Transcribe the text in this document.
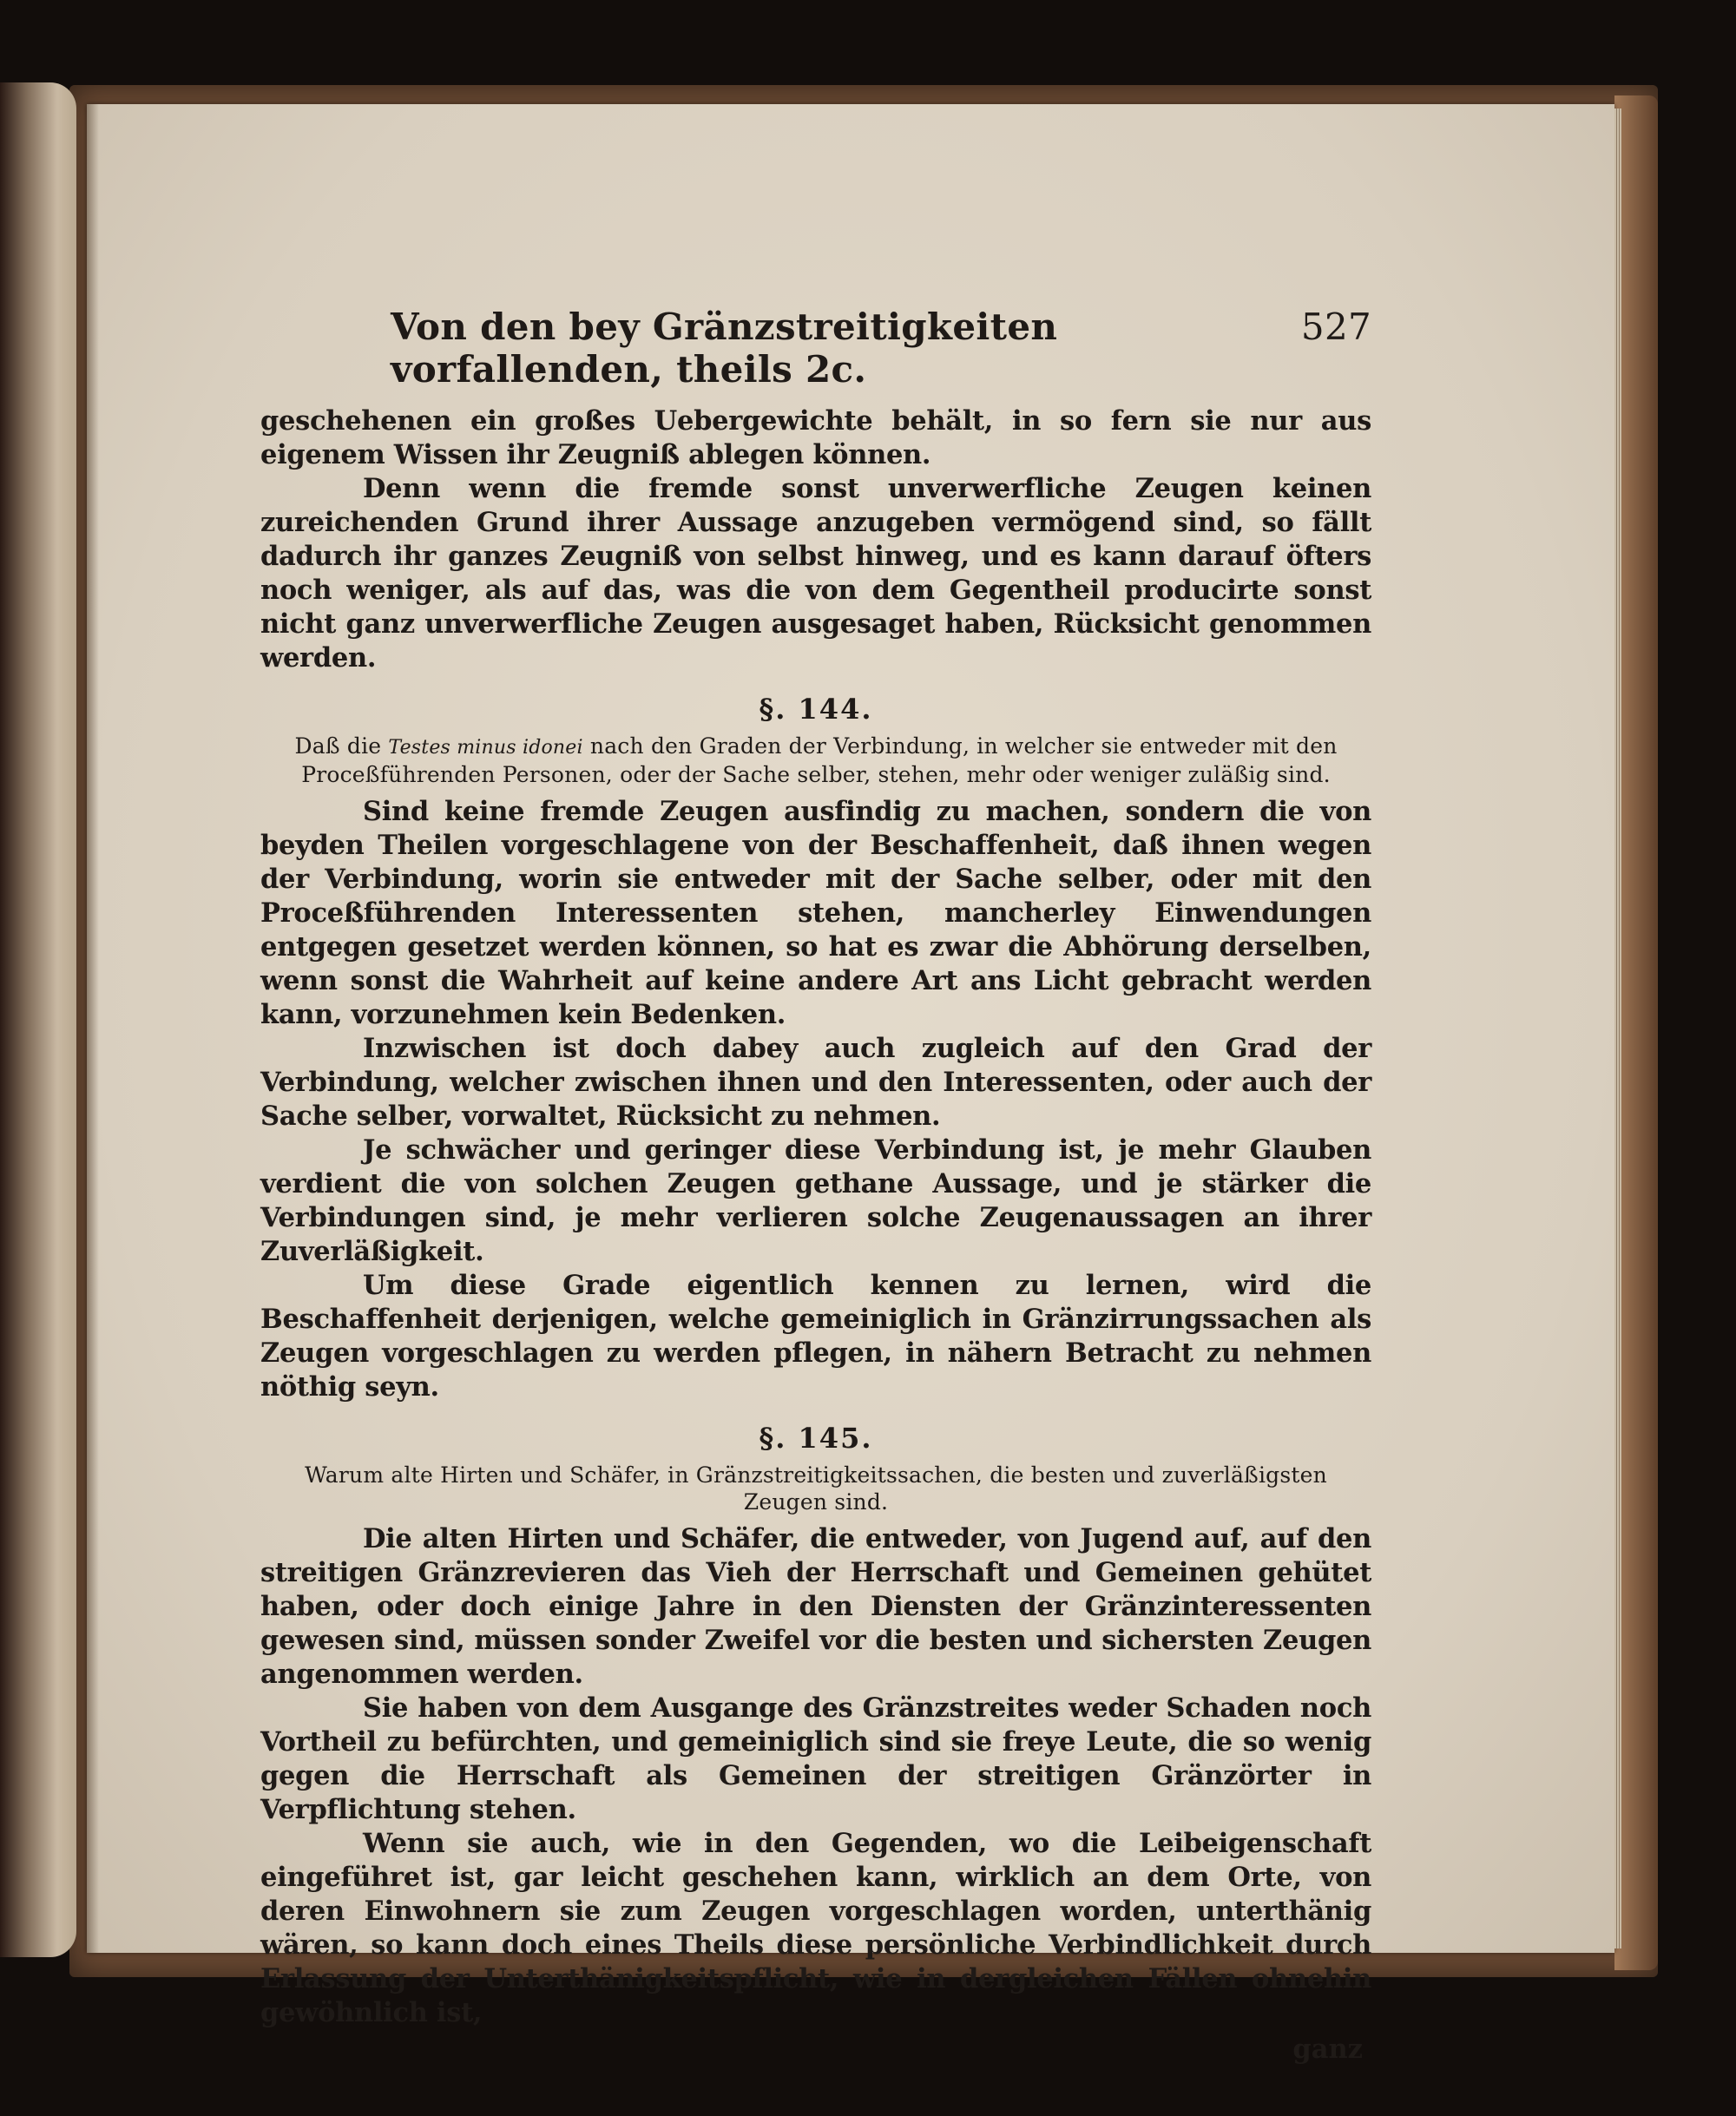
Von den bey Gränzstreitigkeiten vorfallenden, theils 2c.
527

geschehenen ein großes Uebergewichte behält, in so fern sie nur aus eigenem Wissen ihr Zeugniß ablegen können.

Denn wenn die fremde sonst unverwerfliche Zeugen keinen zureichenden Grund ihrer Aussage anzugeben vermögend sind, so fällt dadurch ihr ganzes Zeugniß von selbst hinweg, und es kann darauf öfters noch weniger, als auf das, was die von dem Gegentheil producirte sonst nicht ganz unverwerfliche Zeugen ausgesaget haben, Rücksicht genommen werden.

§. 144.

Daß die Testes minus idonei nach den Graden der Verbindung, in welcher sie entweder mit den Proceßführenden Personen, oder der Sache selber, stehen, mehr oder weniger zuläßig sind.

Sind keine fremde Zeugen ausfindig zu machen, sondern die von beyden Theilen vorgeschlagene von der Beschaffenheit, daß ihnen wegen der Verbindung, worin sie entweder mit der Sache selber, oder mit den Proceßführenden Interessenten stehen, mancherley Einwendungen entgegen gesetzet werden können, so hat es zwar die Abhörung derselben, wenn sonst die Wahrheit auf keine andere Art ans Licht gebracht werden kann, vorzunehmen kein Bedenken.

Inzwischen ist doch dabey auch zugleich auf den Grad der Verbindung, welcher zwischen ihnen und den Interessenten, oder auch der Sache selber, vorwaltet, Rücksicht zu nehmen.

Je schwächer und geringer diese Verbindung ist, je mehr Glauben verdient die von solchen Zeugen gethane Aussage, und je stärker die Verbindungen sind, je mehr verlieren solche Zeugenaussagen an ihrer Zuverläßigkeit.

Um diese Grade eigentlich kennen zu lernen, wird die Beschaffenheit derjenigen, welche gemeiniglich in Gränzirrungssachen als Zeugen vorgeschlagen zu werden pflegen, in nähern Betracht zu nehmen nöthig seyn.

§. 145.

Warum alte Hirten und Schäfer, in Gränzstreitigkeitssachen, die besten und zuverläßigsten Zeugen sind.

Die alten Hirten und Schäfer, die entweder, von Jugend auf, auf den streitigen Gränzrevieren das Vieh der Herrschaft und Gemeinen gehütet haben, oder doch einige Jahre in den Diensten der Gränzinteressenten gewesen sind, müssen sonder Zweifel vor die besten und sichersten Zeugen angenommen werden.

Sie haben von dem Ausgange des Gränzstreites weder Schaden noch Vortheil zu befürchten, und gemeiniglich sind sie freye Leute, die so wenig gegen die Herrschaft als Gemeinen der streitigen Gränzörter in Verpflichtung stehen.

Wenn sie auch, wie in den Gegenden, wo die Leibeigenschaft eingeführet ist, gar leicht geschehen kann, wirklich an dem Orte, von deren Einwohnern sie zum Zeugen vorgeschlagen worden, unterthänig wären, so kann doch eines Theils diese persönliche Verbindlichkeit durch Erlassung der Unterthänigkeitspflicht, wie in dergleichen Fällen ohnehin gewöhnlich ist,

ganz
